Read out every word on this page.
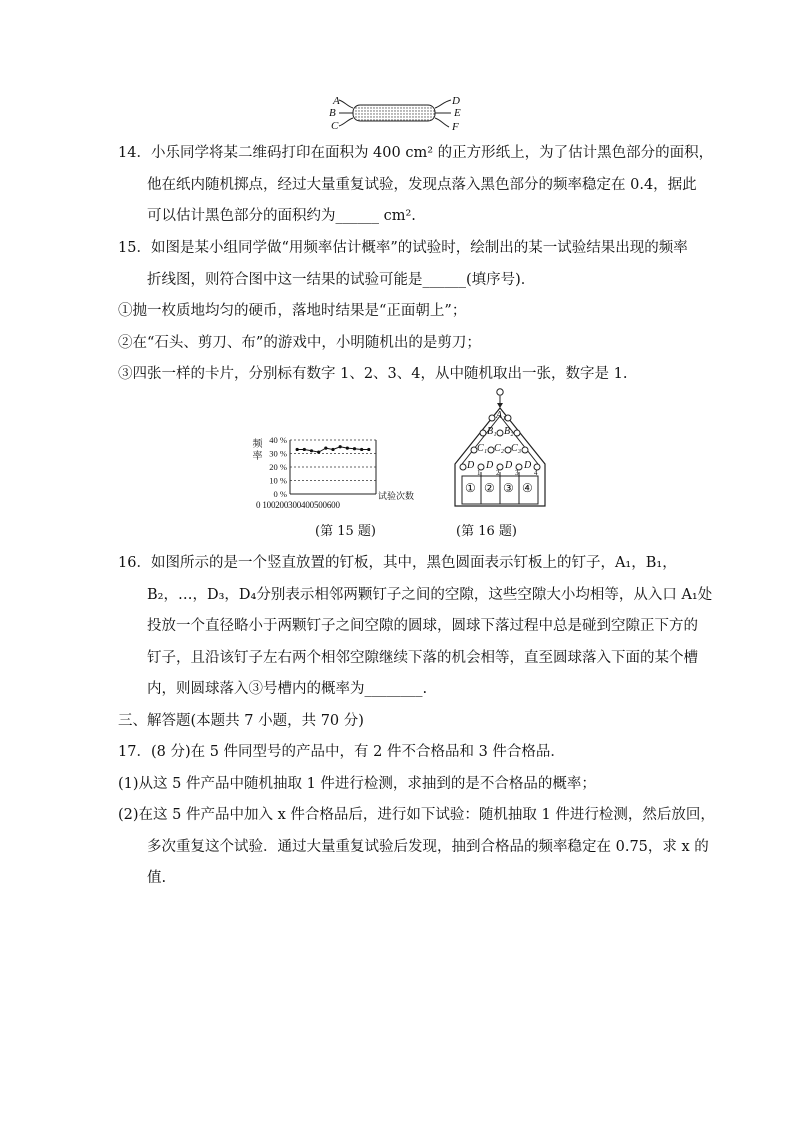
A
B
C
D
E
F
14．小乐同学将某二维码打印在面积为 400 cm² 的正方形纸上，为了估计黑色部分的面积，
他在纸内随机掷点，经过大量重复试验，发现点落入黑色部分的频率稳定在 0.4，据此
可以估计黑色部分的面积约为______ cm².
15．如图是某小组同学做“用频率估计概率”的试验时，绘制出的某一试验结果出现的频率
折线图，则符合图中这一结果的试验可能是______(填序号)．
①抛一枚质地均匀的硬币，落地时结果是“正面朝上”；
②在“石头、剪刀、布”的游戏中，小明随机出的是剪刀；
③四张一样的卡片，分别标有数字 1、2、3、4，从中随机取出一张，数字是 1.
0 %
10 %
20 %
30 %
40 %
频率
试验次数
0 100200300400500600
(第 15 题)
A₁
B₁ B₂
C₁ C₂ C₃
D D D D
1 2 3 4
① ② ③ ④
(第 16 题)
16．如图所示的是一个竖直放置的钉板，其中，黑色圆面表示钉板上的钉子，A₁，B₁，
B₂，…，D₃，D₄分别表示相邻两颗钉子之间的空隙，这些空隙大小均相等，从入口 A₁处
投放一个直径略小于两颗钉子之间空隙的圆球，圆球下落过程中总是碰到空隙正下方的
钉子，且沿该钉子左右两个相邻空隙继续下落的机会相等，直至圆球落入下面的某个槽
内，则圆球落入③号槽内的概率为________.
三、解答题(本题共 7 小题，共 70 分)
17．(8 分)在 5 件同型号的产品中，有 2 件不合格品和 3 件合格品．
(1)从这 5 件产品中随机抽取 1 件进行检测，求抽到的是不合格品的概率；
(2)在这 5 件产品中加入 x 件合格品后，进行如下试验：随机抽取 1 件进行检测，然后放回，
多次重复这个试验．通过大量重复试验后发现，抽到合格品的频率稳定在 0.75，求 x 的
值.
